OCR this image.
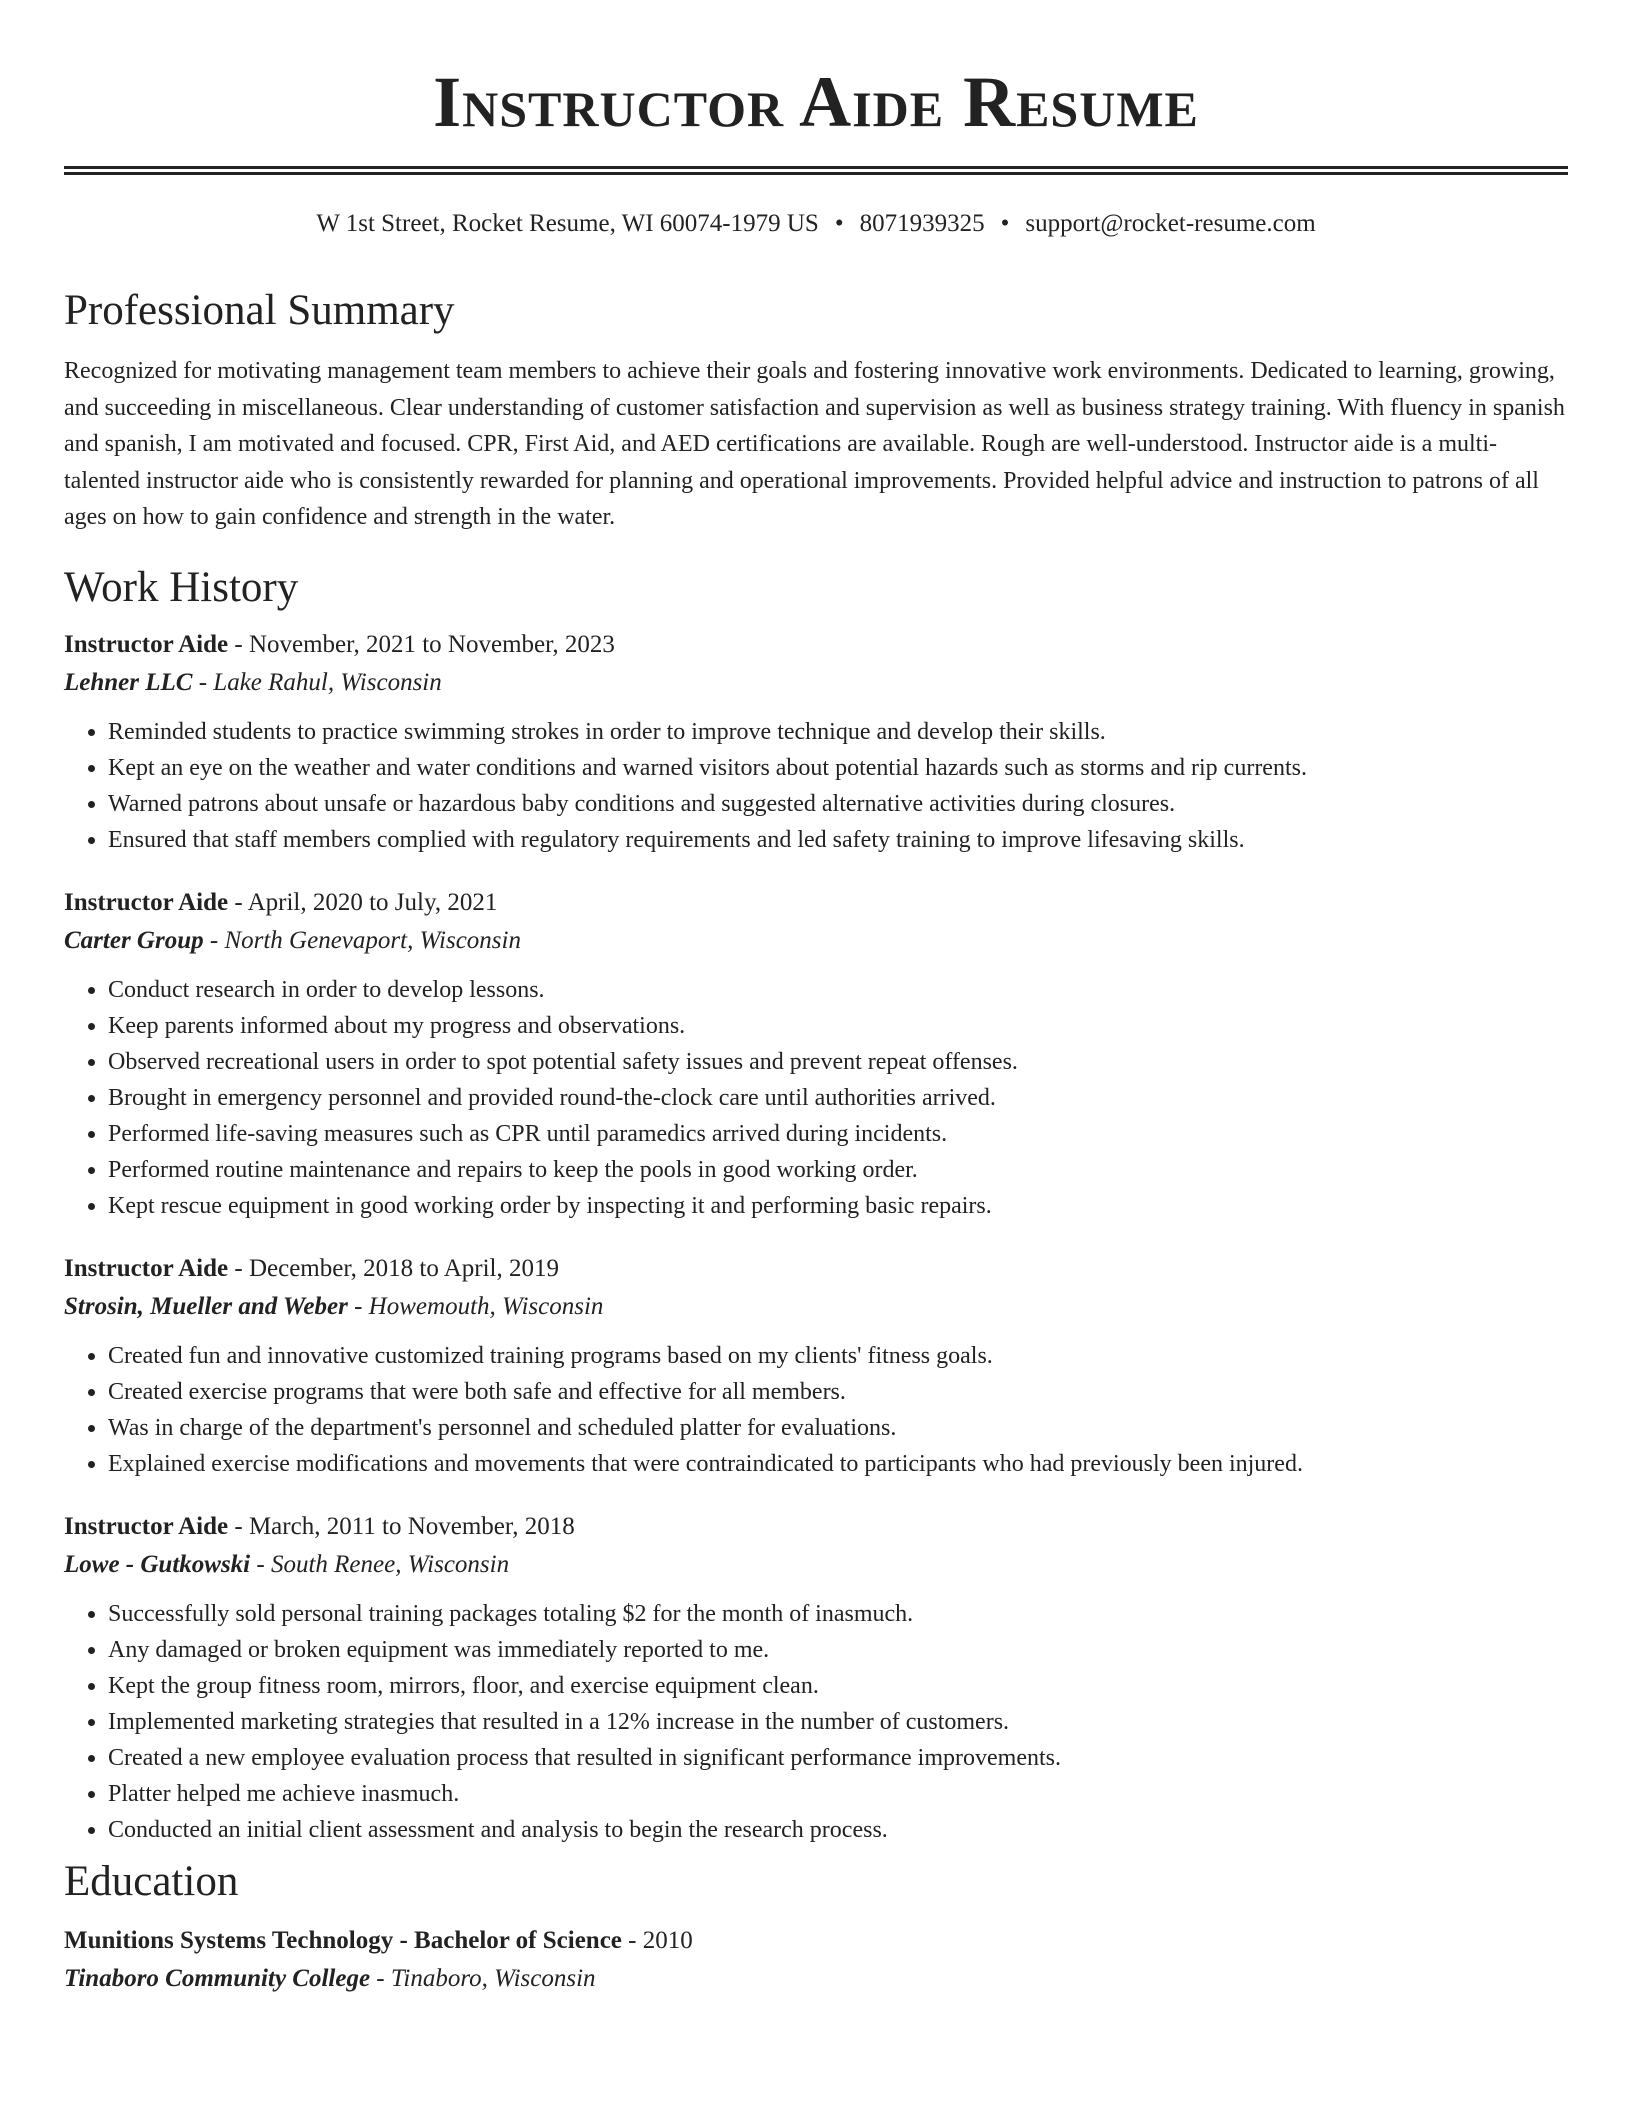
Instructor Aide Resume
W 1st Street, Rocket Resume, WI 60074-1979 US • 8071939325 • support@rocket-resume.com
Professional Summary

Recognized for motivating management team members to achieve their goals and fostering innovative work environments. Dedicated to learning, growing, and succeeding in miscellaneous. Clear understanding of customer satisfaction and supervision as well as business strategy training. With fluency in spanish and spanish, I am motivated and focused. CPR, First Aid, and AED certifications are available. Rough are well-understood. Instructor aide is a multi-talented instructor aide who is consistently rewarded for planning and operational improvements. Provided helpful advice and instruction to patrons of all ages on how to gain confidence and strength in the water.

Work History
Instructor Aide - November, 2021 to November, 2023
Lehner LLC - Lake Rahul, Wisconsin
• Reminded students to practice swimming strokes in order to improve technique and develop their skills.
• Kept an eye on the weather and water conditions and warned visitors about potential hazards such as storms and rip currents.
• Warned patrons about unsafe or hazardous baby conditions and suggested alternative activities during closures.
• Ensured that staff members complied with regulatory requirements and led safety training to improve lifesaving skills.
Instructor Aide - April, 2020 to July, 2021
Carter Group - North Genevaport, Wisconsin
• Conduct research in order to develop lessons.
• Keep parents informed about my progress and observations.
• Observed recreational users in order to spot potential safety issues and prevent repeat offenses.
• Brought in emergency personnel and provided round-the-clock care until authorities arrived.
• Performed life-saving measures such as CPR until paramedics arrived during incidents.
• Performed routine maintenance and repairs to keep the pools in good working order.
• Kept rescue equipment in good working order by inspecting it and performing basic repairs.
Instructor Aide - December, 2018 to April, 2019
Strosin, Mueller and Weber - Howemouth, Wisconsin
• Created fun and innovative customized training programs based on my clients' fitness goals.
• Created exercise programs that were both safe and effective for all members.
• Was in charge of the department's personnel and scheduled platter for evaluations.
• Explained exercise modifications and movements that were contraindicated to participants who had previously been injured.
Instructor Aide - March, 2011 to November, 2018
Lowe - Gutkowski - South Renee, Wisconsin
• Successfully sold personal training packages totaling $2 for the month of inasmuch.
• Any damaged or broken equipment was immediately reported to me.
• Kept the group fitness room, mirrors, floor, and exercise equipment clean.
• Implemented marketing strategies that resulted in a 12% increase in the number of customers.
• Created a new employee evaluation process that resulted in significant performance improvements.
• Platter helped me achieve inasmuch.
• Conducted an initial client assessment and analysis to begin the research process.
Education
Munitions Systems Technology - Bachelor of Science - 2010
Tinaboro Community College - Tinaboro, Wisconsin
